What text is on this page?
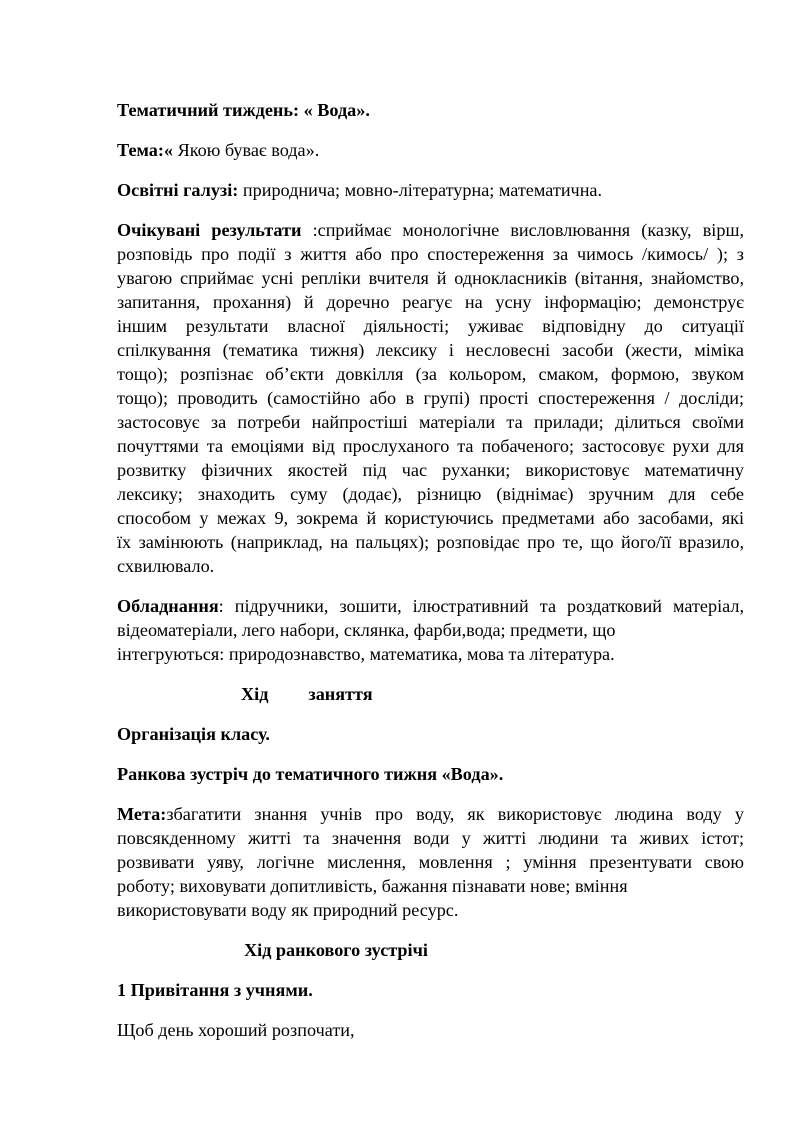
Тематичний тиждень: « Вода».

Тема:« Якою буває вода».

Освітні галузі: природнича; мовно-літературна; математична.

Очікувані результати :сприймає монологічне висловлювання (казку, вірш,
розповідь про події з життя або про спостереження за чимось /кимось/ ); з
увагою сприймає усні репліки вчителя й однокласників (вітання, знайомство,
запитання, прохання) й доречно реагує на усну інформацію; демонструє
іншим результати власної діяльності; уживає відповідну до ситуації
спілкування (тематика тижня) лексику і несловесні засоби (жести, міміка
тощо); розпізнає об’єкти довкілля (за кольором, смаком, формою, звуком
тощо); проводить (самостійно або в групі) прості спостереження / досліди;
застосовує за потреби найпростіші матеріали та прилади; ділиться своїми
почуттями та емоціями від прослуханого та побаченого; застосовує рухи для
розвитку фізичних якостей під час руханки; використовує математичну
лексику; знаходить суму (додає), різницю (віднімає) зручним для себе
способом у межах 9, зокрема й користуючись предметами або засобами, які
їх замінюють (наприклад, на пальцях); розповідає про те, що його/її вразило,
схвилювало.
Обладнання: підручники, зошити, ілюстративний та роздатковий матеріал,
відеоматеріали, лего набори, склянка, фарби,вода; предмети, що
інтегруються: природознавство, математика, мова та література.

Хід заняття

Організація класу.

Ранкова зустріч до тематичного тижня «Вода».

Мета:збагатити знання учнів про воду, як використовує людина воду у
повсякденному житті та значення води у житті людини та живих істот;
розвивати уяву, логічне мислення, мовлення ; уміння презентувати свою
роботу; виховувати допитливість, бажання пізнавати нове; вміння
використовувати воду як природний ресурс.

Хід ранкового зустрічі

1 Привітання з учнями.

Щоб день хороший розпочати,
